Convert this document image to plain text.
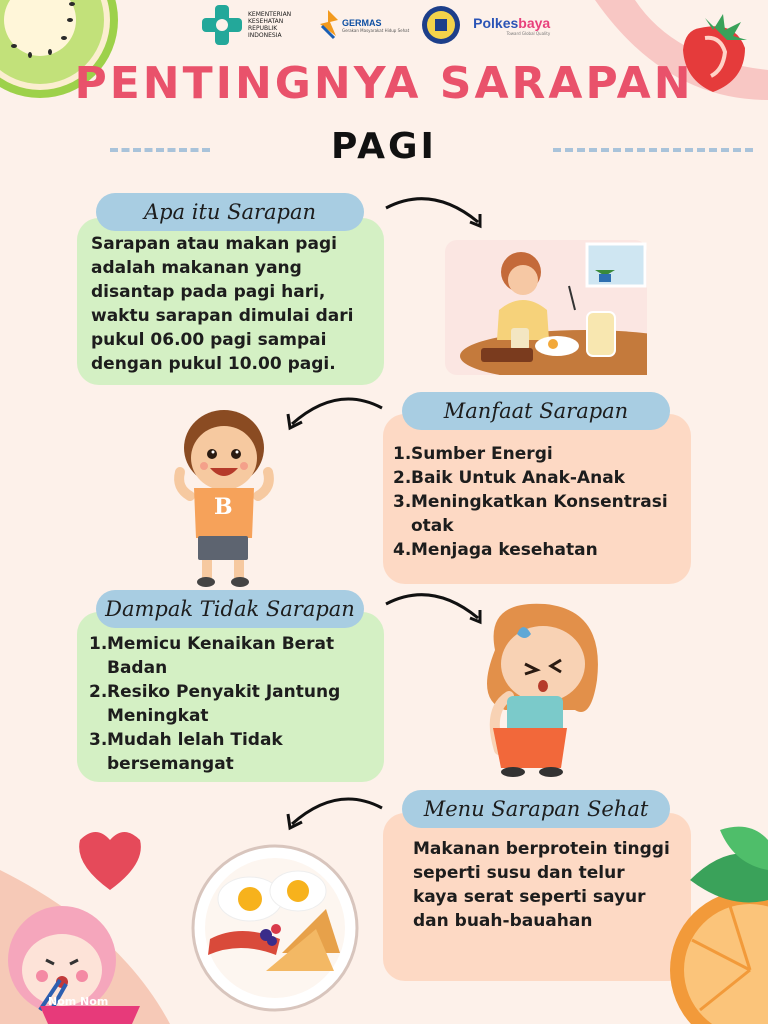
KEMENTERIAN KESEHATAN REPUBLIK INDONESIA
GERMAS
Gerakan Masyarakat Hidup Sehat	Polkesbaya
Toward Global Quality
PENTINGNYA SARAPAN
PAGI
Sarapan atau makan pagi adalah makanan yang disantap pada pagi hari, waktu sarapan dimulai dari pukul 06.00 pagi sampai dengan pukul 10.00 pagi.
Apa itu Sarapan
1. Sumber Energi
2. Baik Untuk Anak-Anak
3. Meningkatkan Konsentrasi otak
4. Menjaga kesehatan
Manfaat Sarapan
B
1. Memicu Kenaikan Berat Badan
2. Resiko Penyakit Jantung Meningkat
3. Mudah lelah Tidak bersemangat
Dampak Tidak Sarapan
Makanan berprotein tinggi seperti susu dan telur
kaya serat seperti sayur dan buah-bauahan
Menu Sarapan Sehat
Nom Nom
